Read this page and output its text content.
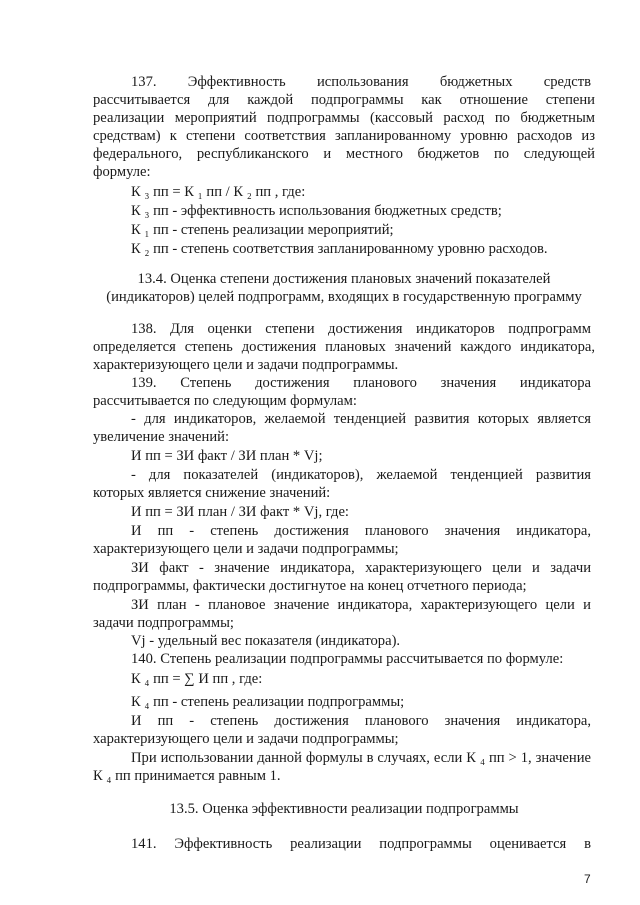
137. Эффективность использования бюджетных средств
рассчитывается для каждой подпрограммы как отношение степени
реализации мероприятий подпрограммы (кассовый расход по бюджетным
средствам) к степени соответствия запланированному уровню расходов из
федерального, республиканского и местного бюджетов по следующей
формуле:
К ₃ пп = К ₁ пп / К ₂ пп , где:
К ₃ пп - эффективность использования бюджетных средств;
К ₁ пп - степень реализации мероприятий;
К ₂ пп - степень соответствия запланированному уровню расходов.
13.4. Оценка степени достижения плановых значений показателей
(индикаторов) целей подпрограмм, входящих в государственную программу
138. Для оценки степени достижения индикаторов подпрограмм
определяется степень достижения плановых значений каждого индикатора,
характеризующего цели и задачи подпрограммы.
139. Степень достижения планового значения индикатора
рассчитывается по следующим формулам:
- для индикаторов, желаемой тенденцией развития которых является
увеличение значений:
И пп = ЗИ факт / ЗИ план * Vj;
- для показателей (индикаторов), желаемой тенденцией развития
которых является снижение значений:
И пп = ЗИ план / ЗИ факт * Vj, где:
И пп - степень достижения планового значения индикатора,
характеризующего цели и задачи подпрограммы;
ЗИ факт - значение индикатора, характеризующего цели и задачи
подпрограммы, фактически достигнутое на конец отчетного периода;
ЗИ план - плановое значение индикатора, характеризующего цели и
задачи подпрограммы;
Vj - удельный вес показателя (индикатора).
140. Степень реализации подпрограммы рассчитывается по формуле:
К ₄ пп = ∑ И пп , где:
К ₄ пп - степень реализации подпрограммы;
И пп - степень достижения планового значения индикатора,
характеризующего цели и задачи подпрограммы;
При использовании данной формулы в случаях, если К ₄ пп > 1, значение
К ₄ пп принимается равным 1.
13.5. Оценка эффективности реализации подпрограммы
141. Эффективность реализации подпрограммы оценивается в
7
